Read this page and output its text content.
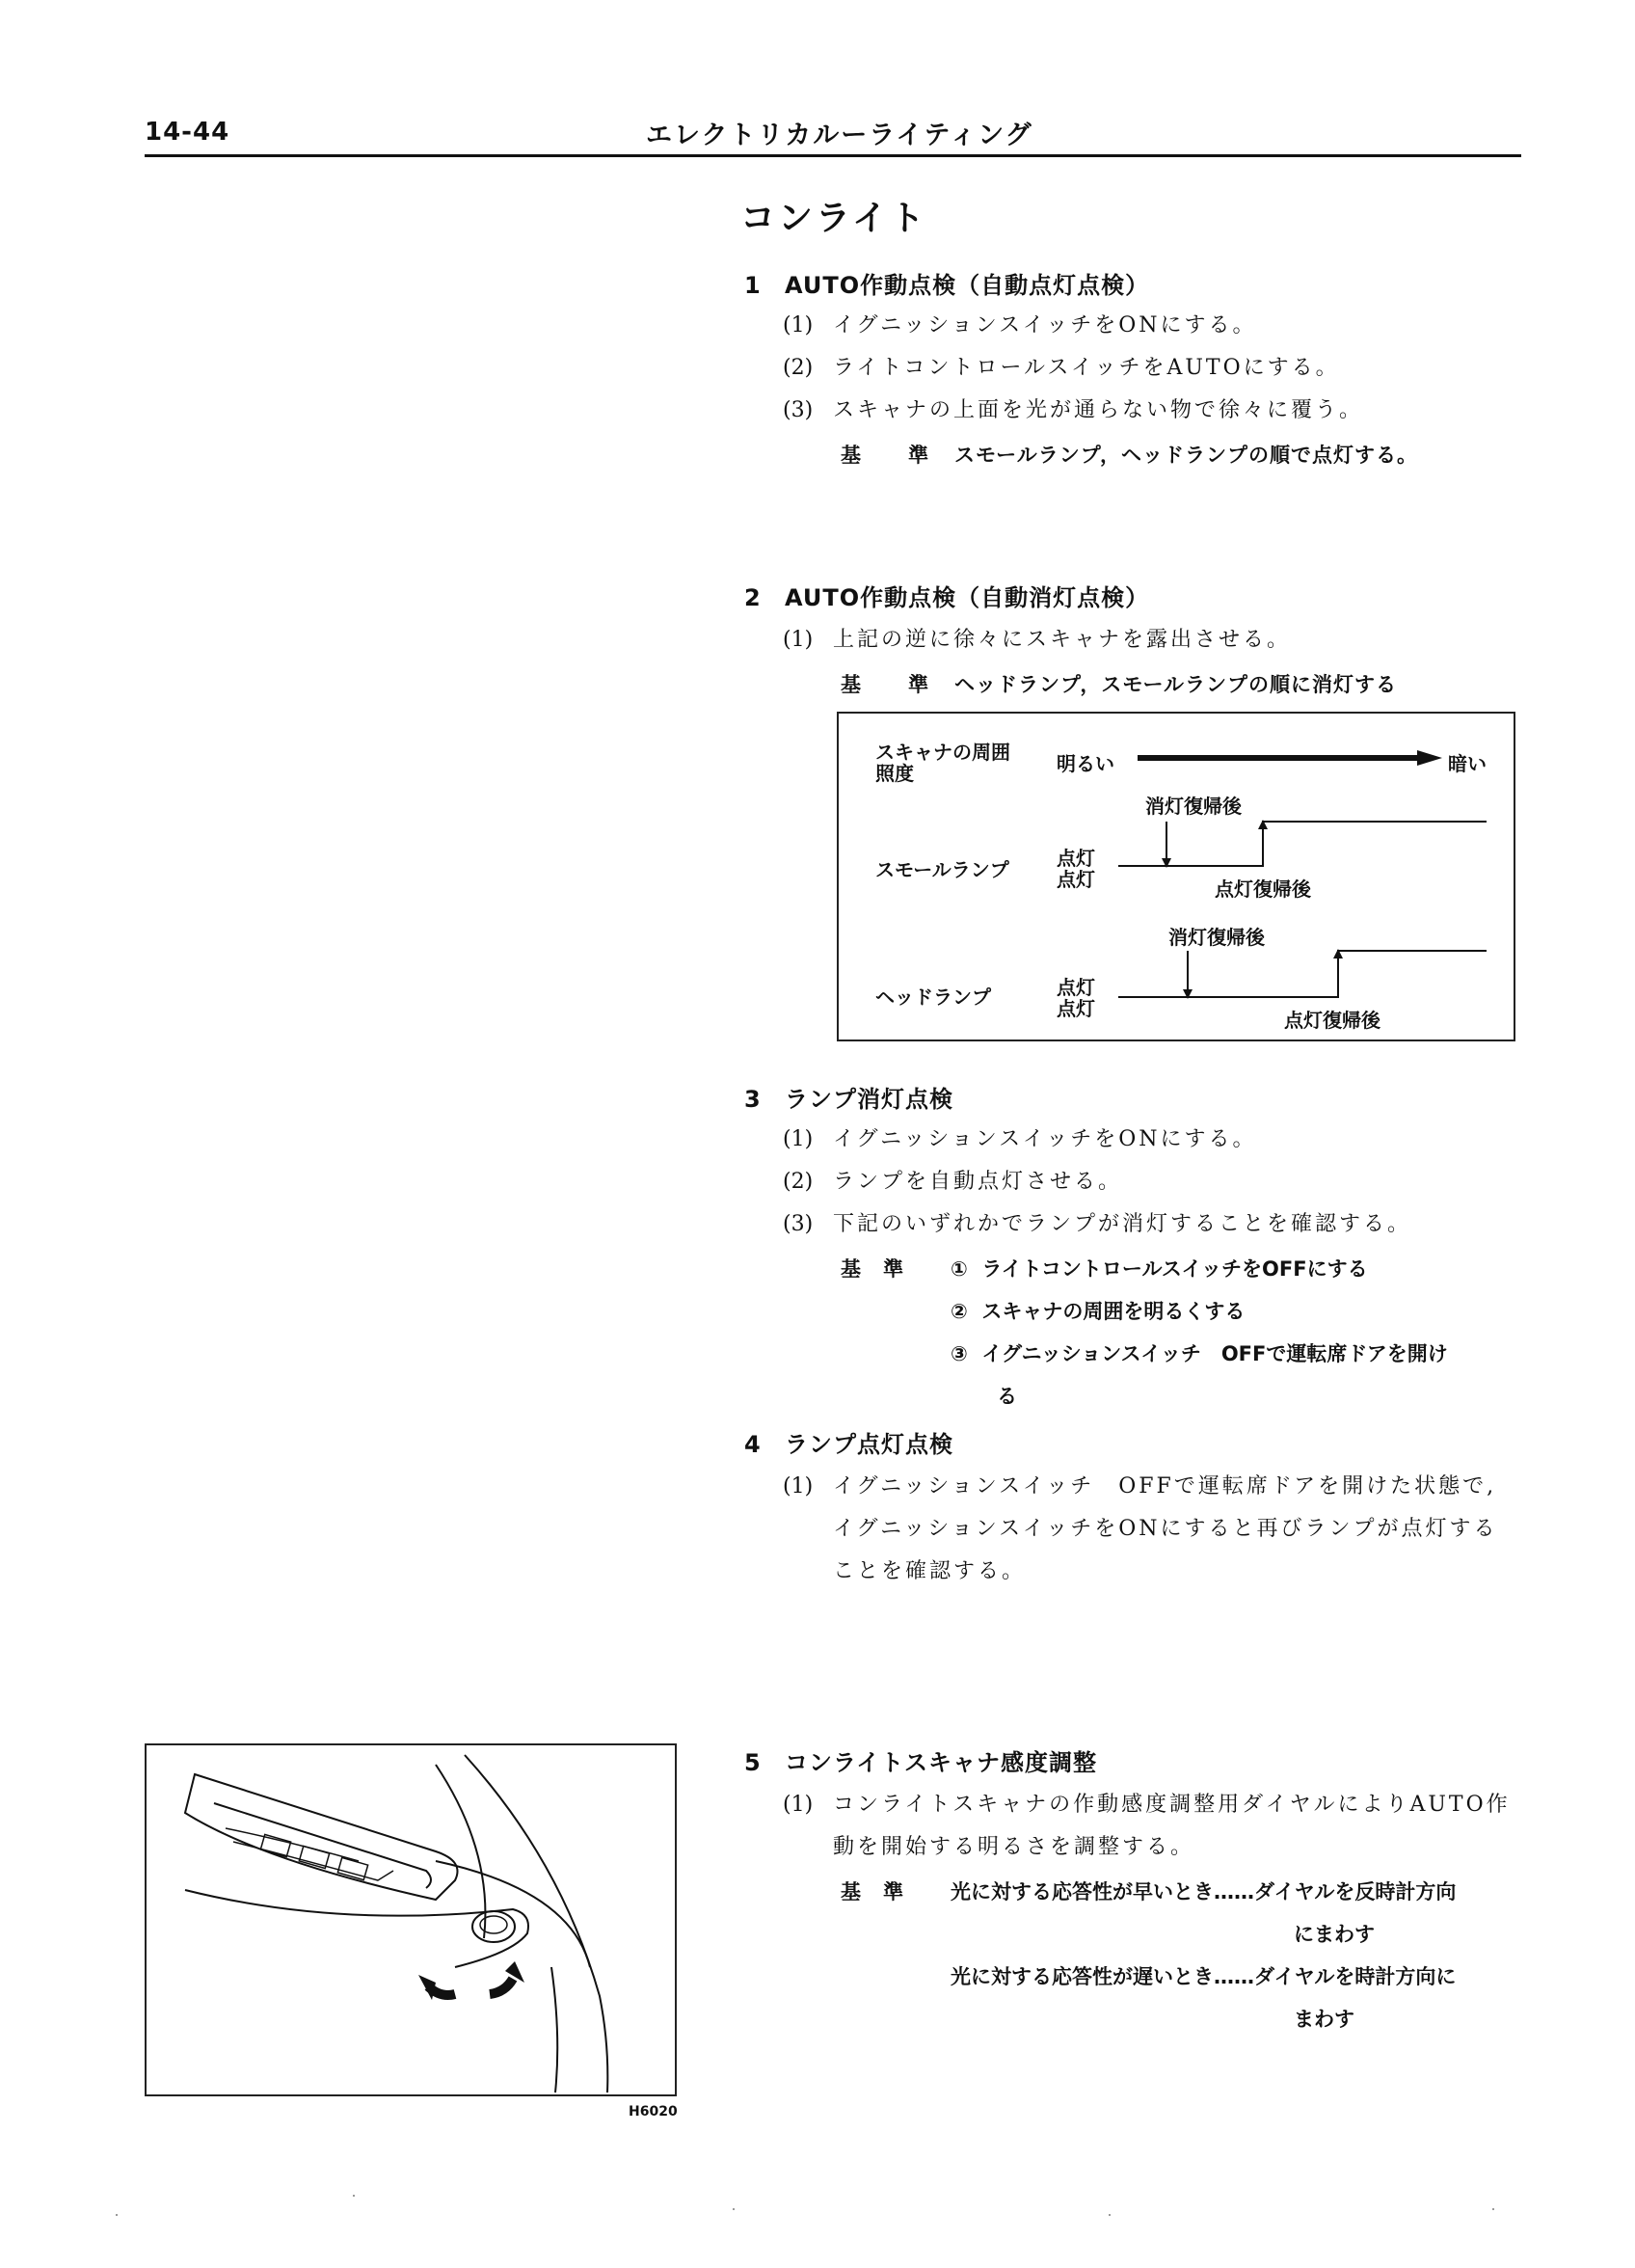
14-44	エレクトリカルーライティング
コンライト
1 AUTO作動点検（自動点灯点検）
(1) イグニッションスイッチをONにする。
(2) ライトコントロールスイッチをAUTOにする。
(3) スキャナの上面を光が通らない物で徐々に覆う。
基　準 スモールランプ，ヘッドランプの順で点灯する。
2 AUTO作動点検（自動消灯点検）
(1) 上記の逆に徐々にスキャナを露出させる。
基　準 ヘッドランプ，スモールランプの順に消灯する
スキャナの周囲
照度	明るい	暗い
消灯復帰後
スモールランプ 点灯
点灯	点灯復帰後
消灯復帰後
ヘッドランプ	点灯
点灯	点灯復帰後
3 ランプ消灯点検
(1) イグニッションスイッチをONにする。
(2) ランプを自動点灯させる。
(3) 下記のいずれかでランプが消灯することを確認する。
基　準 ① ライトコントロールスイッチをOFFにする
② スキャナの周囲を明るくする
③ イグニッションスイッチ　OFFで運転席ドアを開け
る
4 ランプ点灯点検
(1) イグニッションスイッチ　OFFで運転席ドアを開けた状態で,
イグニッションスイッチをONにすると再びランプが点灯する
ことを確認する。
5 コンライトスキャナ感度調整
(1) コンライトスキャナの作動感度調整用ダイヤルによりAUTO作
動を開始する明るさを調整する。
基　準 光に対する応答性が早いとき……ダイヤルを反時計方向
にまわす
光に対する応答性が遅いとき……ダイヤルを時計方向に
まわす
H6020
